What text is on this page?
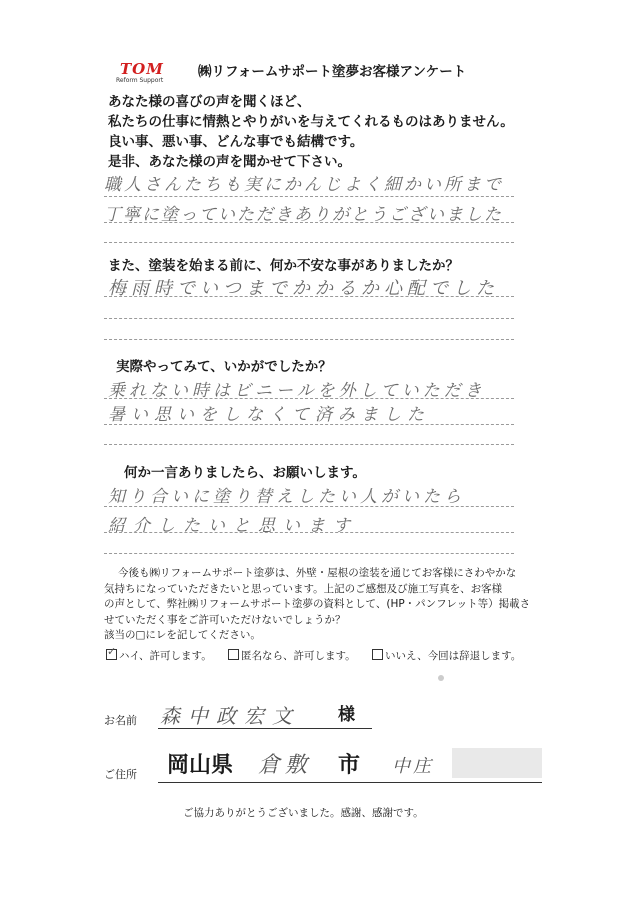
TOM
Reform Support
㈱リフォームサポート塗夢お客様アンケート
あなた様の喜びの声を聞くほど、
私たちの仕事に情熱とやりがいを与えてくれるものはありません。
良い事、悪い事、どんな事でも結構です。
是非、あなた様の声を聞かせて下さい。
職人さんたちも実にかんじよく細かい所まで
丁寧に塗っていただきありがとうございました
また、塗装を始まる前に、何か不安な事がありましたか？
梅雨時でいつまでかかるか心配でした
実際やってみて、いかがでしたか？
乗れない時はビニールを外していただき
暑い思いをしなくて済みました
何か一言ありましたら、お願いします。
知り合いに塗り替えしたい人がいたら
紹介したいと思います
今後も㈱リフォームサポート塗夢は、外壁・屋根の塗装を通じてお客様にさわやかな
気持ちになっていただきたいと思っています。上記のご感想及び施工写真を、お客様
の声として、弊社㈱リフォームサポート塗夢の資料として、(HP・パンフレット等）掲載さ
せていただく事をご許可いただけないでしょうか？
該当の□にレを記してください。
✓ ハイ、許可します。	匿名なら、許可します。	いいえ、今回は辞退します。
お名前 森中政宏文 様
ご住所 岡山県 倉敷 市 中庄
ご協力ありがとうございました。感謝、感謝です。
